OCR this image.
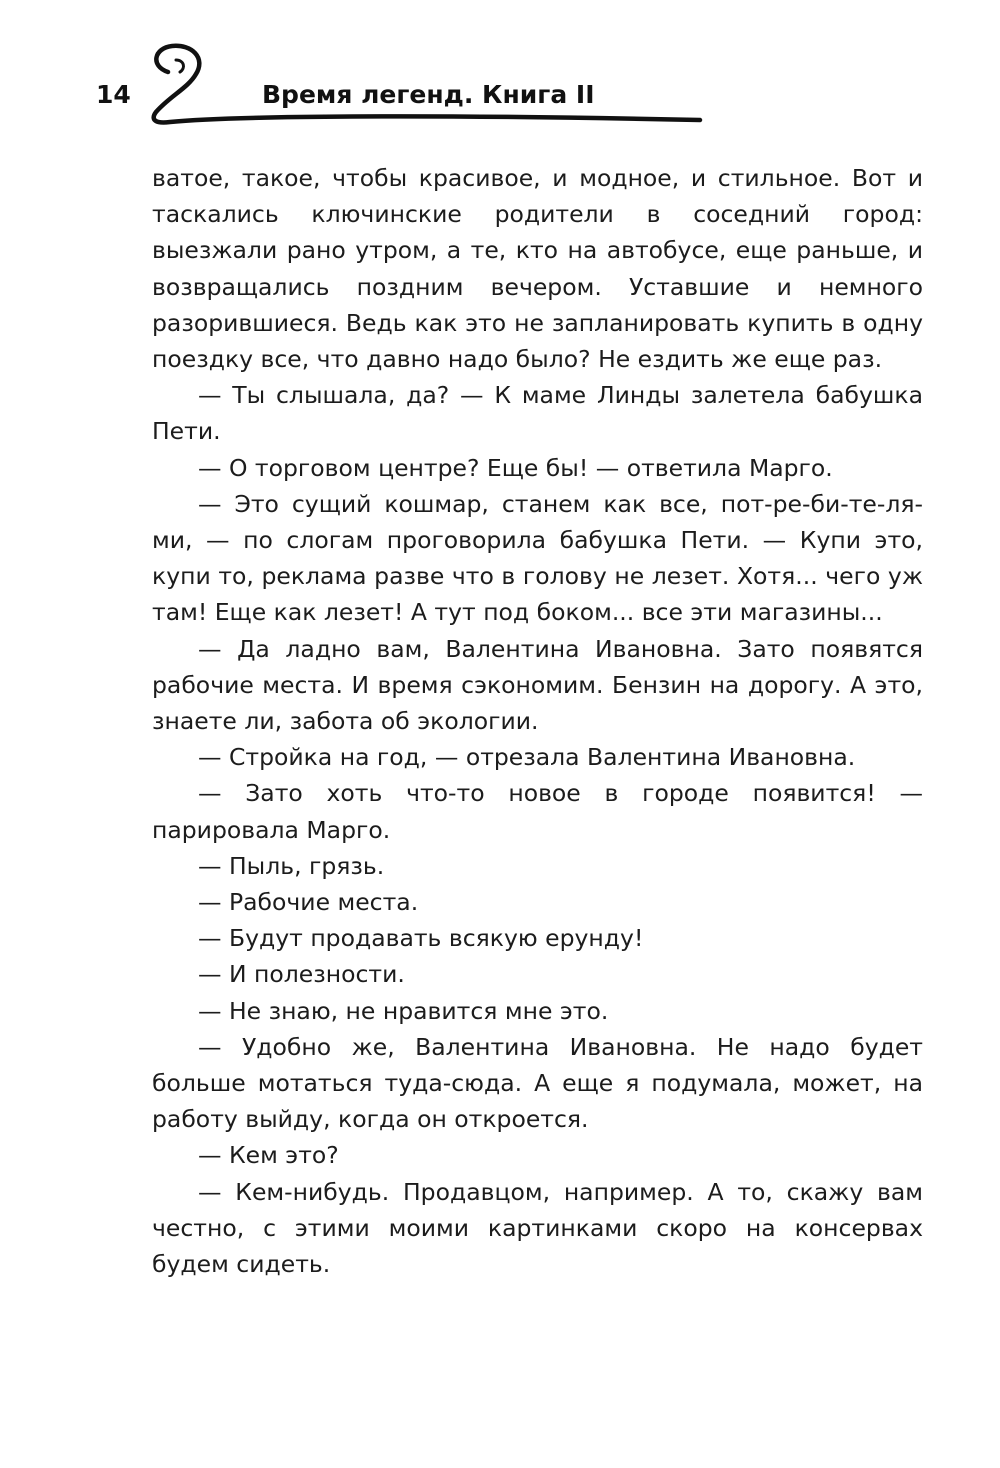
14	Время легенд. Книга II

ватое, такое, чтобы красивое, и модное, и стильное. Вот и таскались ключинские родители в соседний город: выезжали рано утром, а те, кто на автобусе, еще раньше, и возвращались поздним вечером. Уставшие и немного разорившиеся. Ведь как это не запланировать купить в одну поездку все, что давно надо было? Не ездить же еще раз.

— Ты слышала, да? — К маме Линды залетела бабушка Пети.

— О торговом центре? Еще бы! — ответила Марго.

— Это сущий кошмар, станем как все, пот-ре-би-те-ля-ми, — по слогам проговорила бабушка Пети. — Купи это, купи то, реклама разве что в голову не лезет. Хотя... чего уж там! Еще как лезет! А тут под боком... все эти магазины...

— Да ладно вам, Валентина Ивановна. Зато появятся рабочие места. И время сэкономим. Бензин на дорогу. А это, знаете ли, забота об экологии.

— Стройка на год, — отрезала Валентина Ивановна.

— Зато хоть что-то новое в городе появится! — парировала Марго.

— Пыль, грязь.

— Рабочие места.

— Будут продавать всякую ерунду!

— И полезности.

— Не знаю, не нравится мне это.

— Удобно же, Валентина Ивановна. Не надо будет больше мотаться туда-сюда. А еще я подумала, может, на работу выйду, когда он откроется.

— Кем это?

— Кем-нибудь. Продавцом, например. А то, скажу вам честно, с этими моими картинками скоро на консервах будем сидеть.
